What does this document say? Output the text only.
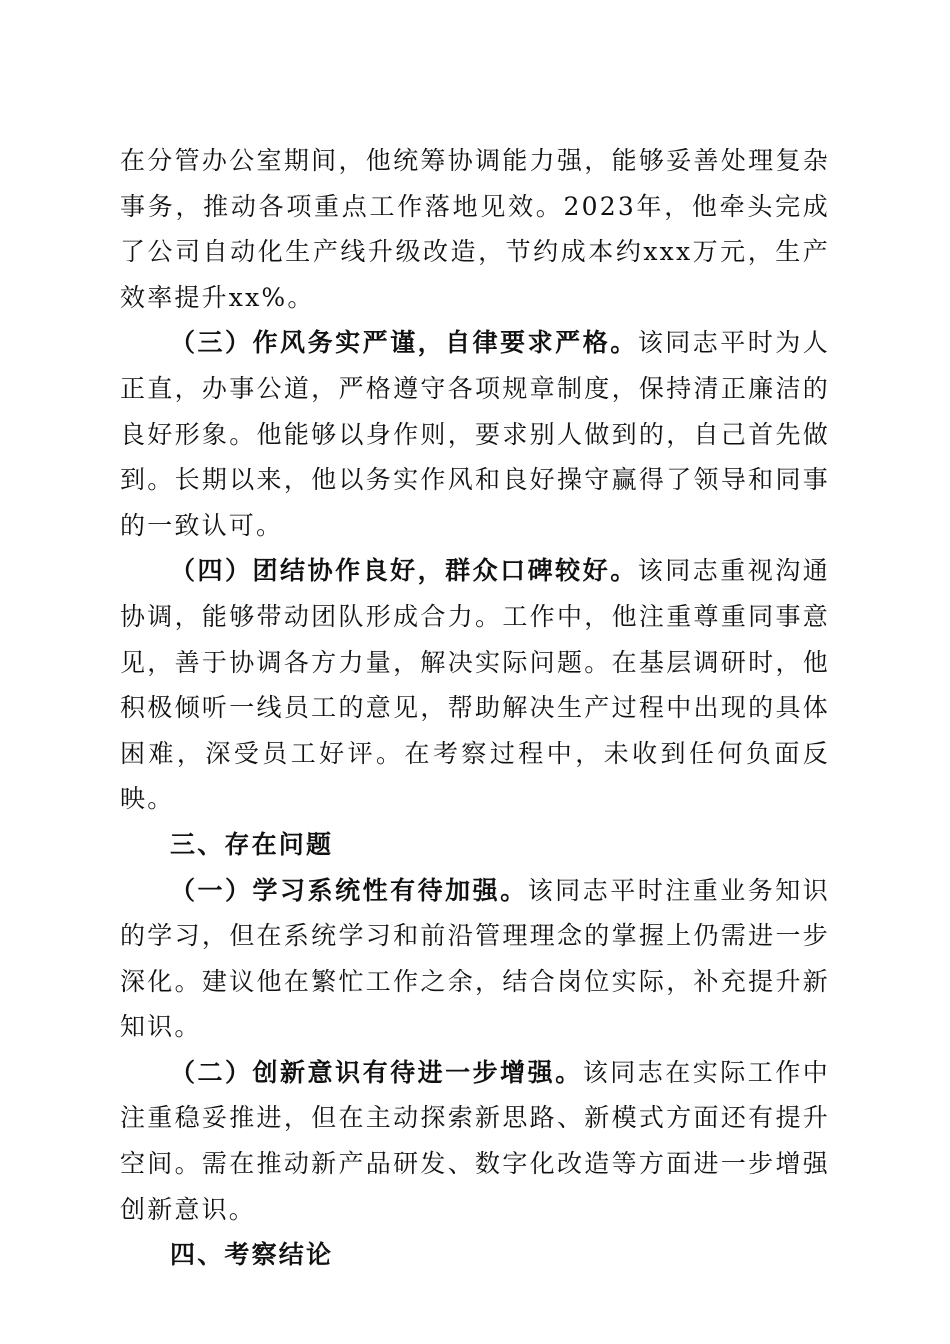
在分管办公室期间，他统筹协调能力强，能够妥善处理复杂事务，推动各项重点工作落地见效。2023年，他牵头完成了公司自动化生产线升级改造，节约成本约xxx万元，生产效率提升xx%。

（三）作风务实严谨，自律要求严格。该同志平时为人正直，办事公道，严格遵守各项规章制度，保持清正廉洁的良好形象。他能够以身作则，要求别人做到的，自己首先做到。长期以来，他以务实作风和良好操守赢得了领导和同事的一致认可。

（四）团结协作良好，群众口碑较好。该同志重视沟通协调，能够带动团队形成合力。工作中，他注重尊重同事意见，善于协调各方力量，解决实际问题。在基层调研时，他积极倾听一线员工的意见，帮助解决生产过程中出现的具体困难，深受员工好评。在考察过程中，未收到任何负面反映。

三、存在问题

（一）学习系统性有待加强。该同志平时注重业务知识的学习，但在系统学习和前沿管理理念的掌握上仍需进一步深化。建议他在繁忙工作之余，结合岗位实际，补充提升新知识。

（二）创新意识有待进一步增强。该同志在实际工作中注重稳妥推进，但在主动探索新思路、新模式方面还有提升空间。需在推动新产品研发、数字化改造等方面进一步增强创新意识。

四、考察结论
